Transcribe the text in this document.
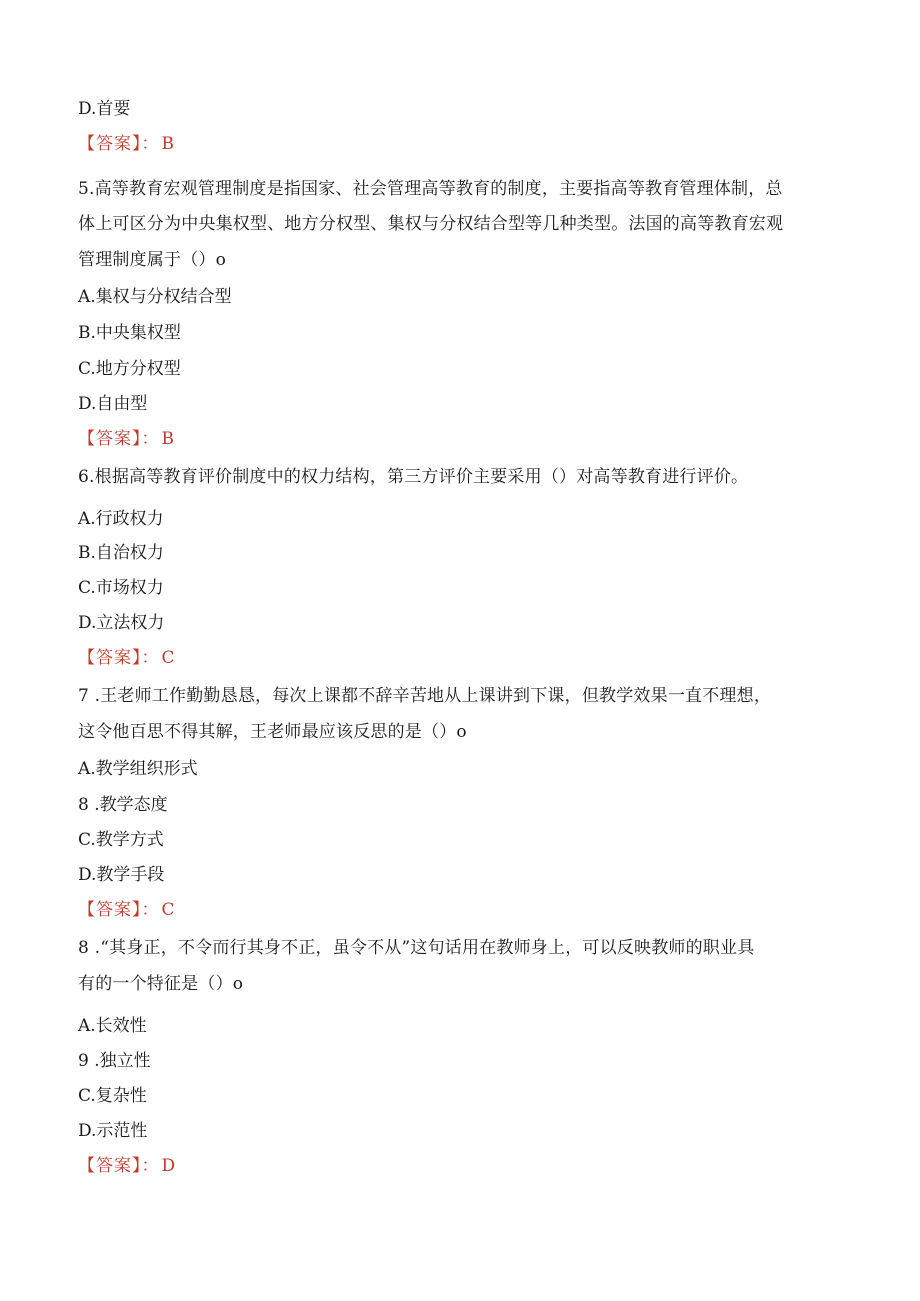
D.首要
【答案】： B
5.高等教育宏观管理制度是指国家、社会管理高等教育的制度，主要指高等教育管理体制，总
体上可区分为中央集权型、地方分权型、集权与分权结合型等几种类型。法国的高等教育宏观
管理制度属于（）o
A.集权与分权结合型
B.中央集权型
C.地方分权型
D.自由型
【答案】： B
6.根据高等教育评价制度中的权力结构，第三方评价主要采用（）对高等教育进行评价。
A.行政权力
B.自治权力
C.市场权力
D.立法权力
【答案】： C
7 .王老师工作勤勤恳恳，每次上课都不辞辛苦地从上课讲到下课，但教学效果一直不理想，
这令他百思不得其解，王老师最应该反思的是（）o
A.教学组织形式
8 .教学态度
C.教学方式
D.教学手段
【答案】： C
8 .“其身正，不令而行其身不正，虽令不从”这句话用在教师身上，可以反映教师的职业具
有的一个特征是（）o
A.长效性
9 .独立性
C.复杂性
D.示范性
【答案】： D
